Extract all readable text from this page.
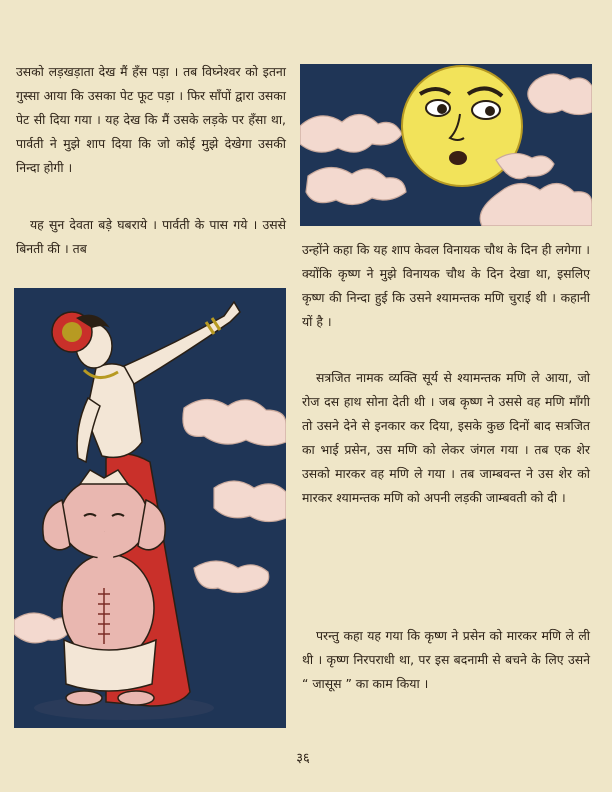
उसको लड़खड़ाता देख मैं हँस पड़ा । तब विघ्नेश्वर को इतना गुस्सा आया कि उसका पेट फूट पड़ा । फिर साँपों द्वारा उसका पेट सी दिया गया । यह देख कि मैं उसके लड़के पर हँसा था, पार्वती ने मुझे शाप दिया कि जो कोई मुझे देखेगा उसकी निन्दा होगी ।

यह सुन देवता बड़े घबराये । पार्वती के पास गये । उससे बिनती की । तब	उन्होंने कहा कि यह शाप केवल विनायक चौथ के दिन ही लगेगा । क्योंकि कृष्ण ने मुझे विनायक चौथ के दिन देखा था, इसलिए कृष्ण की निन्दा हुई कि उसने श्यामन्तक मणि चुराई थी । कहानी यों है ।

सत्रजित नामक व्यक्ति सूर्य से श्यामन्तक मणि ले आया, जो रोज दस हाथ सोना देती थी । जब कृष्ण ने उससे वह मणि माँगी तो उसने देने से इनकार कर दिया, इसके कुछ दिनों बाद सत्रजित का भाई प्रसेन, उस मणि को लेकर जंगल गया । तब एक शेर उसको मारकर वह मणि ले गया । तब जाम्बवन्त ने उस शेर को मारकर श्यामन्तक मणि को अपनी लड़की जाम्बवती को दी ।

परन्तु कहा यह गया कि कृष्ण ने प्रसेन को मारकर मणि ले ली थी । कृष्ण निरपराधी था, पर इस बदनामी से बचने के लिए उसने “ जासूस ” का काम किया ।

३६
